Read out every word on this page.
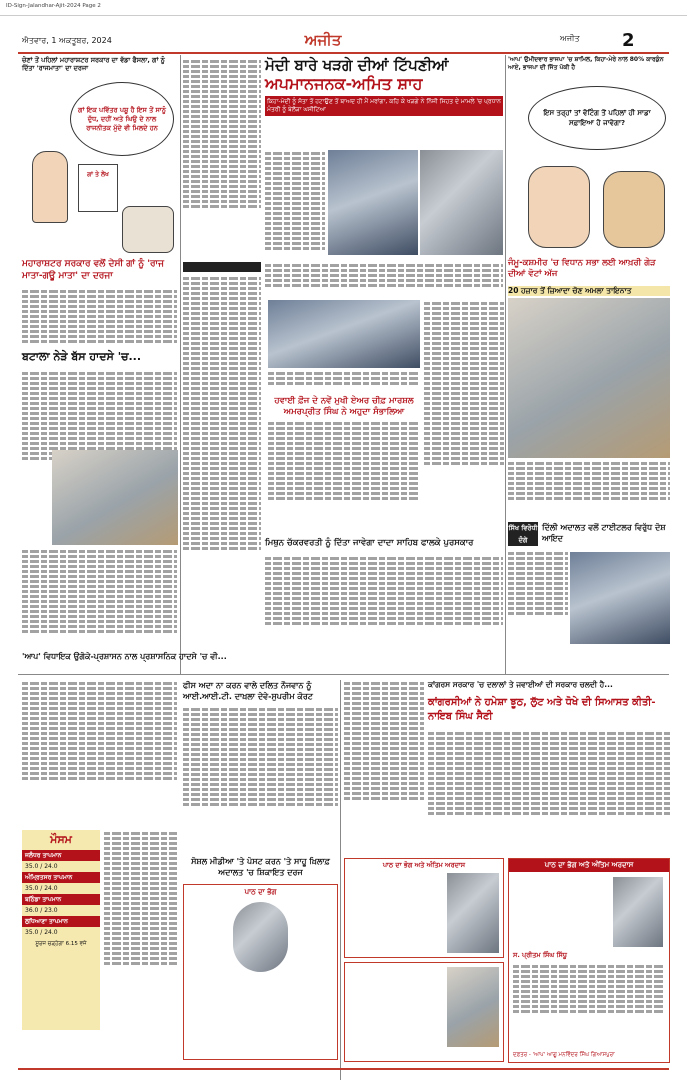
ID-Sign-Jalandhar-Ajit-2024 Page 2
ਐਤਵਾਰ, 1 ਅਕਤੂਬਰ, 2024	ਅਜੀਤ	ਅਜੀਤ 2
ਚੋਣਾਂ ਤੋਂ ਪਹਿਲਾਂ ਮਹਾਰਾਸ਼ਟਰ ਸਰਕਾਰ ਦਾ ਵੱਡਾ ਫੈਸਲਾ, ਗਾਂ ਨੂੰ ਦਿੱਤਾ 'ਰਾਜਮਾਤਾ' ਦਾ ਦਰਜਾ
ਗਾਂ ਇਕ ਪਵਿੱਤਰ ਪਸ਼ੂ ਹੈ ਇਸ ਤੋਂ ਸਾਨੂੰ ਦੁੱਧ, ਦਹੀਂ ਅਤੇ ਘਿਉ ਦੇ ਨਾਲ ਰਾਜਨੀਤਕ ਮੁੱਦੇ ਵੀ ਮਿਲਦੇ ਹਨ
ਗਾਂ ਤੇ ਲੇਖ
ਮਹਾਰਾਸ਼ਟਰ ਸਰਕਾਰ ਵਲੋਂ ਦੇਸੀ ਗਾਂ ਨੂੰ 'ਰਾਜ ਮਾਤਾ-ਗਊ ਮਾਤਾ' ਦਾ ਦਰਜਾ
ਬਟਾਲਾ ਨੇੜੇ ਬੱਸ ਹਾਦਸੇ 'ਚ...
'ਆਪ' ਵਿਧਾਇਕ ਉਗੋਕੇ-ਪ੍ਰਸ਼ਾਸਨ ਨਾਲ ਪ੍ਰਸ਼ਾਸਨਿਕ ਹਾਦਸੇ 'ਚ ਵੀ...

ਮੋਦੀ ਬਾਰੇ ਖੜਗੇ ਦੀਆਂ ਟਿੱਪਣੀਆਂ
ਅਪਮਾਨਜਨਕ-ਅਮਿਤ ਸ਼ਾਹ
ਕਿਹਾ-ਮੋਦੀ ਨੂੰ ਸੱਤਾ ਤੋਂ ਹਟਾਉਣ ਤੋਂ ਬਾਅਦ ਹੀ ਮੈਂ ਮਰਾਂਗਾ, ਕਹਿ ਕੇ ਖੜਗੇ ਨੇ ਨਿੱਜੀ ਸਿਹਤ ਦੇ ਮਾਮਲੇ 'ਚ ਪ੍ਰਧਾਨ ਮੰਤਰੀ ਨੂੰ ਬੇਲੋੜਾ ਘਸੀਟਿਆ
ਹਵਾਈ ਫ਼ੌਜ ਦੇ ਨਵੇਂ ਮੁਖੀ ਏਅਰ ਚੀਫ਼ ਮਾਰਸ਼ਲ ਅਮਰਪ੍ਰੀਤ ਸਿੰਘ ਨੇ ਅਹੁਦਾ ਸੰਭਾਲਿਆ
ਮਿਥੁਨ ਚੱਕਰਵਰਤੀ ਨੂੰ ਦਿੱਤਾ ਜਾਵੇਗਾ ਦਾਦਾ ਸਾਹਿਬ ਫਾਲਕੇ ਪੁਰਸਕਾਰ
'ਆਪ' ਉਮੀਦਵਾਰ ਭਾਜਪਾ 'ਚ ਸ਼ਾਮਿਲ, ਕਿਹਾ-ਮੇਰੇ ਨਾਲ 80% ਕਾਰਕੁੰਨ ਆਏ, ਭਾਜਪਾ ਦੀ ਜਿੱਤ ਪੱਕੀ ਹੈ
ਇਸ ਤਰ੍ਹਾਂ ਤਾਂ ਵੋਟਿੰਗ ਤੋਂ ਪਹਿਲਾਂ ਹੀ ਸਾਡਾ ਸਫ਼ਾਇਆ ਹੋ ਜਾਵੇਗਾ?
ਜੰਮੂ-ਕਸ਼ਮੀਰ 'ਚ ਵਿਧਾਨ ਸਭਾ ਲਈ ਆਖ਼ਰੀ ਗੇੜ ਦੀਆਂ ਵੋਟਾਂ ਅੱਜ
20 ਹਜ਼ਾਰ ਤੋਂ ਜ਼ਿਆਦਾ ਚੋਣ ਅਮਲਾ ਤਾਇਨਾਤ
ਸਿੱਖ ਵਿਰੋਧੀ ਦੰਗੇ
ਦਿੱਲੀ ਅਦਾਲਤ ਵਲੋਂ ਟਾਈਟਲਰ ਵਿਰੁੱਧ ਦੋਸ਼ ਆਇਦ
ਮੌਸਮ
ਜਲੰਧਰ ਤਾਪਮਾਨ
35.0 / 24.0
ਅੰਮ੍ਰਿਤਸਰ ਤਾਪਮਾਨ
35.0 / 24.0
ਬਠਿੰਡਾ ਤਾਪਮਾਨ
36.0 / 23.0
ਲੁਧਿਆਣਾ ਤਾਪਮਾਨ
35.0 / 24.0
ਸੂਰਜ ਚੜ੍ਹੇਗਾ 6.15 ਵਜੇ
ਫੀਸ ਅਦਾ ਨਾ ਕਰਨ ਵਾਲੇ ਦਲਿਤ ਨੌਜਵਾਨ ਨੂੰ ਆਈ.ਆਈ.ਟੀ. ਦਾਖ਼ਲਾ ਦੇਵੇ-ਸੁਪਰੀਮ ਕੋਰਟ
ਸੋਸ਼ਲ ਮੀਡੀਆ 'ਤੇ ਪੋਸਟ ਕਰਨ 'ਤੇ ਸਾਹੂ ਖ਼ਿਲਾਫ਼ ਅਦਾਲਤ 'ਚ ਸ਼ਿਕਾਇਤ ਦਰਜ
ਪਾਠ ਦਾ ਭੋਗ
ਪਾਠ ਦਾ ਭੋਗ ਅਤੇ ਅੰਤਿਮ ਅਰਦਾਸ
ਕਾਂਗਰਸ ਸਰਕਾਰ 'ਚ ਦਲਾਲਾਂ ਤੇ ਜਵਾਈਆਂ ਦੀ ਸਰਕਾਰ ਚਲਦੀ ਹੈ...
ਕਾਂਗਰਸੀਆਂ ਨੇ ਹਮੇਸ਼ਾ ਝੂਠ, ਲੁੱਟ ਅਤੇ ਧੋਖੇ ਦੀ ਸਿਆਸਤ ਕੀਤੀ-ਨਾਇਬ ਸਿੰਘ ਸੈਣੀ
ਪਾਠ ਦਾ ਭੋਗ ਅਤੇ ਅੰਤਿਮ ਅਰਦਾਸ
ਸ. ਪ੍ਰੀਤਮ ਸਿੰਘ ਸਿੱਧੂ
ਦਫ਼ਤਰ - 'ਆਪ' ਆਗੂ ਮਨਵਿੰਦਰ ਸਿੰਘ ਗਿਆਸਪੁਰਾ
